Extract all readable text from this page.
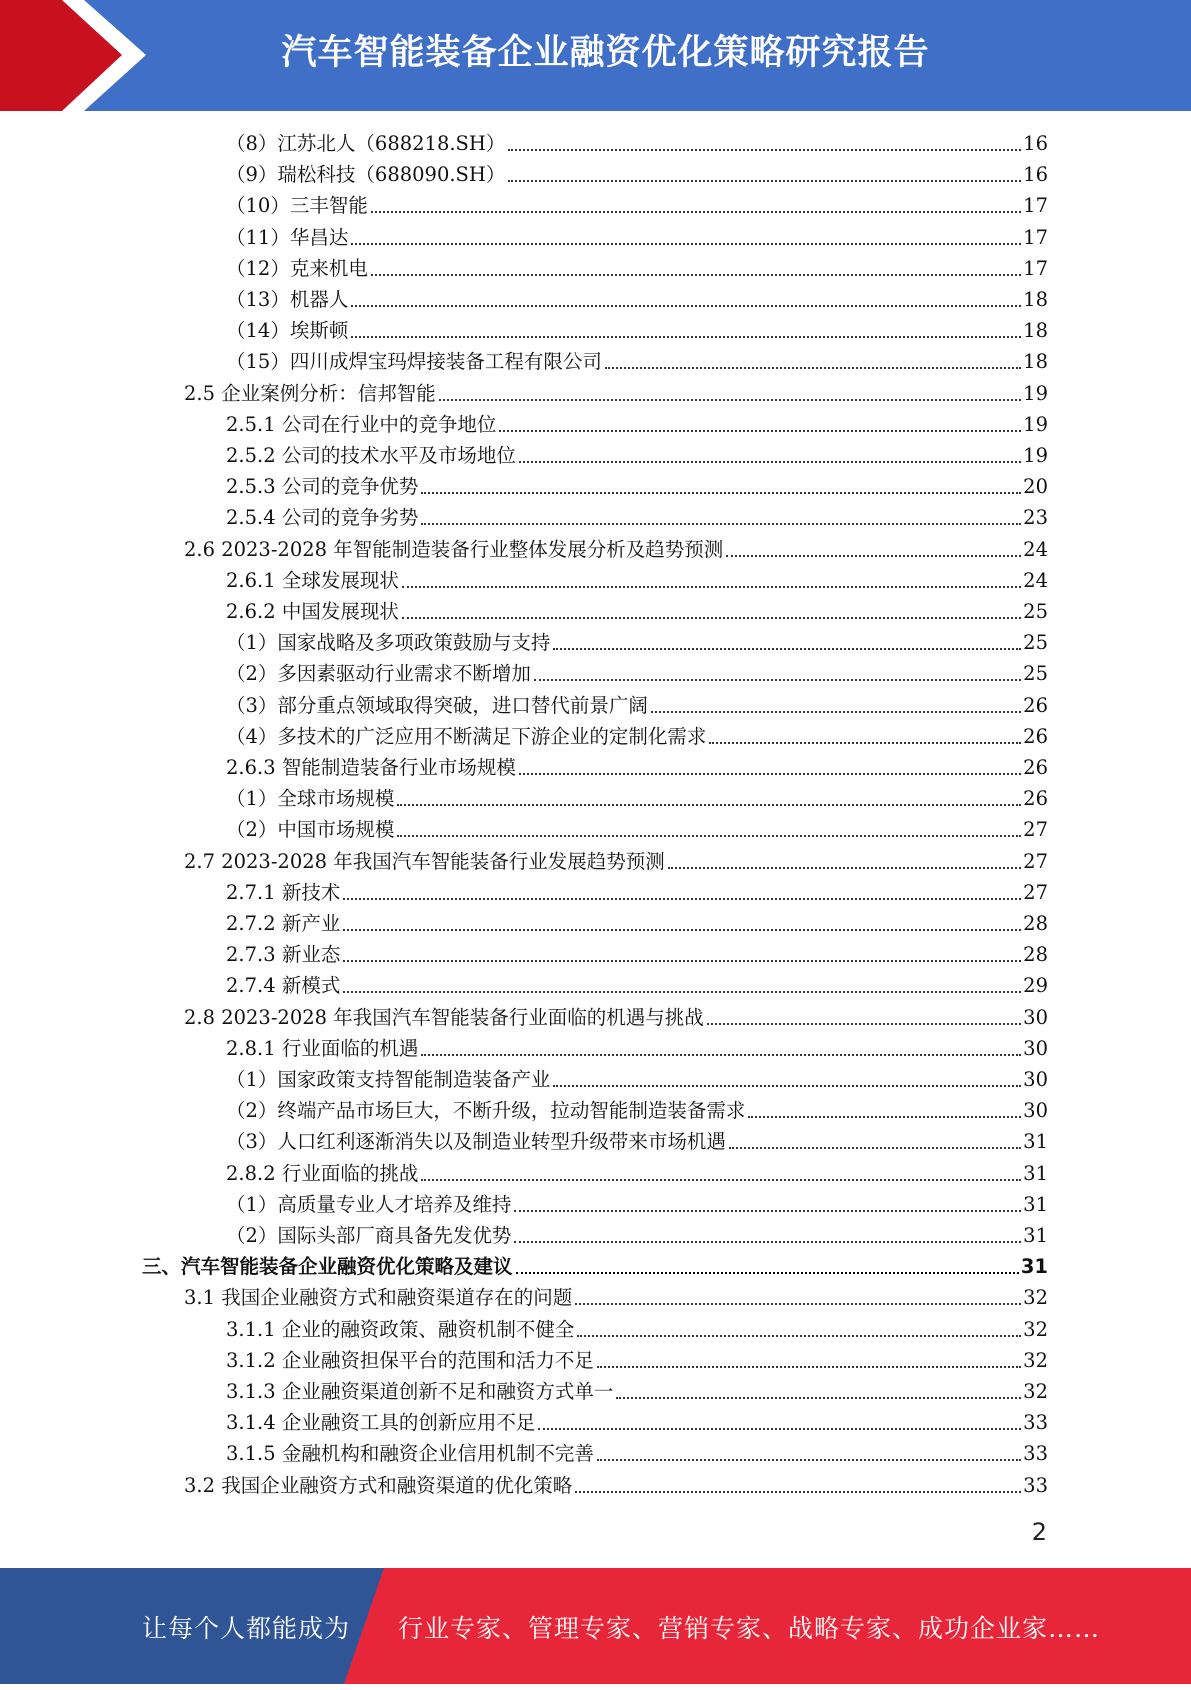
汽车智能装备企业融资优化策略研究报告
（8）江苏北人（688218.SH）	16
（9）瑞松科技（688090.SH）	16
（10）三丰智能	17
（11）华昌达	17
（12）克来机电	17
（13）机器人	18
（14）埃斯顿	18
（15）四川成焊宝玛焊接装备工程有限公司	18
2.5 企业案例分析：信邦智能	19
2.5.1 公司在行业中的竞争地位	19
2.5.2 公司的技术水平及市场地位	19
2.5.3 公司的竞争优势	20
2.5.4 公司的竞争劣势	23
2.6 2023-2028 年智能制造装备行业整体发展分析及趋势预测	24
2.6.1 全球发展现状	24
2.6.2 中国发展现状	25
（1）国家战略及多项政策鼓励与支持	25
（2）多因素驱动行业需求不断增加	25
（3）部分重点领域取得突破，进口替代前景广阔	26
（4）多技术的广泛应用不断满足下游企业的定制化需求	26
2.6.3 智能制造装备行业市场规模	26
（1）全球市场规模	26
（2）中国市场规模	27
2.7 2023-2028 年我国汽车智能装备行业发展趋势预测	27
2.7.1 新技术	27
2.7.2 新产业	28
2.7.3 新业态	28
2.7.4 新模式	29
2.8 2023-2028 年我国汽车智能装备行业面临的机遇与挑战	30
2.8.1 行业面临的机遇	30
（1）国家政策支持智能制造装备产业	30
（2）终端产品市场巨大，不断升级，拉动智能制造装备需求	30
（3）人口红利逐渐消失以及制造业转型升级带来市场机遇	31
2.8.2 行业面临的挑战	31
（1）高质量专业人才培养及维持	31
（2）国际头部厂商具备先发优势	31
三、汽车智能装备企业融资优化策略及建议	31
3.1 我国企业融资方式和融资渠道存在的问题	32
3.1.1 企业的融资政策、融资机制不健全	32
3.1.2 企业融资担保平台的范围和活力不足	32
3.1.3 企业融资渠道创新不足和融资方式单一	32
3.1.4 企业融资工具的创新应用不足	33
3.1.5 金融机构和融资企业信用机制不完善	33
3.2 我国企业融资方式和融资渠道的优化策略	33
2
让每个人都能成为 行业专家、管理专家、营销专家、战略专家、成功企业家……
